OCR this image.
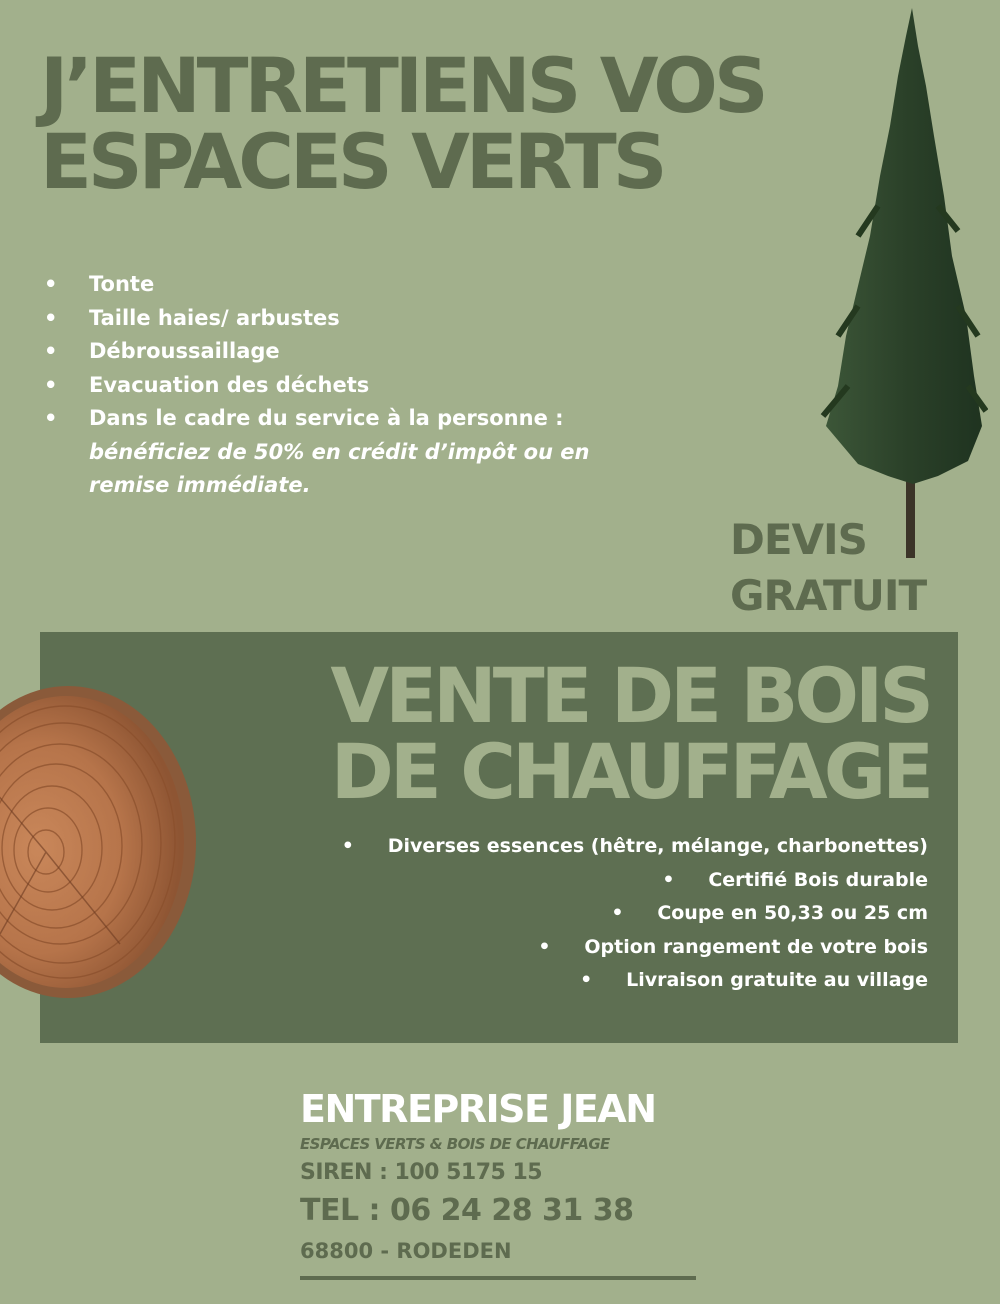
J’ENTRETIENS VOS
ESPACES VERTS
• Tonte
• Taille haies/ arbustes
• Débroussaillage
• Evacuation des déchets
• Dans le cadre du service à la personne :
bénéficiez de 50% en crédit d’impôt ou en remise immédiate.
DEVIS
GRATUIT
VENTE DE BOIS
DE CHAUFFAGE
• Diverses essences (hêtre, mélange, charbonettes)
• Certifié Bois durable
• Coupe en 50,33 ou 25 cm
• Option rangement de votre bois
• Livraison gratuite au village
ENTREPRISE JEAN
ESPACES VERTS & BOIS DE CHAUFFAGE
SIREN : 100 5175 15
TEL : 06 24 28 31 38
68800 - RODEDEN
